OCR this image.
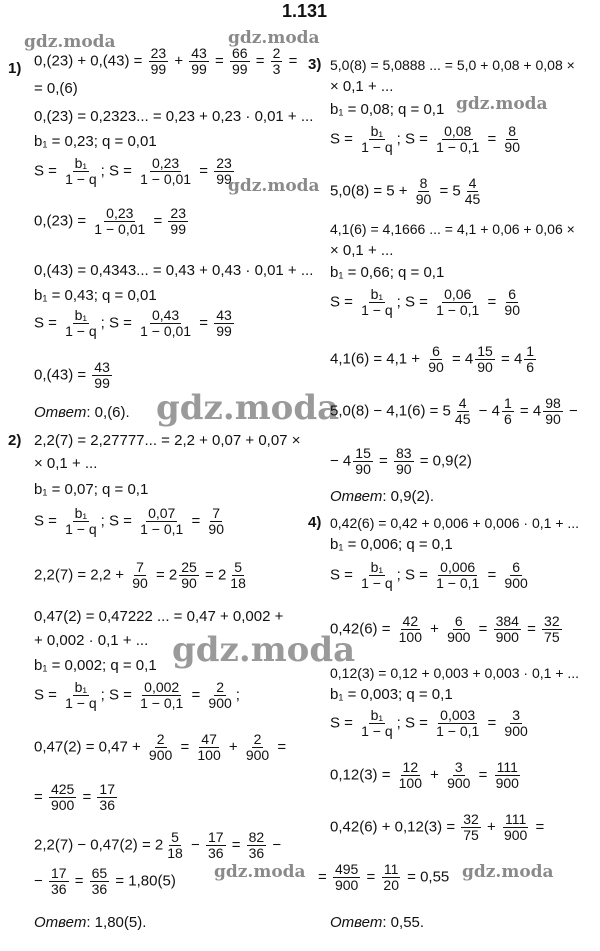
1.131
gdz.moda	gdz.moda
gdz.moda
gdz.moda
gdz.moda
gdz.moda
gdz.moda	gdz.moda
1) $0,(23) + 0,(43) = \frac{23}{99} + \frac{43}{99} = \frac{66}{99} = \frac{2}{3}$ =
= 0,(6)
0,(23) = 0,2323... = 0,23 + 0,23 · 0,01 + ...
b₁ = 0,23; q = 0,01
$S = \frac{\text{b₁}}{1 - q}$ ; $S = \frac{0,23}{1 - 0,01} = \frac{23}{99}$
$0,(23) = \frac{0,23}{1 - 0,01} = \frac{23}{99}$
0,(43) = 0,4343... = 0,43 + 0,43 · 0,01 + ...
b₁ = 0,43; q = 0,01
$S = \frac{\text{b₁}}{1 - q}$ ; $S = \frac{0,43}{1 - 0,01} = \frac{43}{99}$
$0,(43) = \frac{43}{99}$
Ответ: 0,(6).
2) 2,2(7) = 2,27777... = 2,2 + 0,07 + 0,07 ×
× 0,1 + ...
b₁ = 0,07; q = 0,1
$S = \frac{\text{b₁}}{1 - q}$ ; $S = \frac{0,07}{1 - 0,1} = \frac{7}{90}$
$2,2(7) = 2,2 + \frac{7}{90} = 2 \frac{25}{90} = 2 \frac{5}{18}$
0,47(2) = 0,47222 ... = 0,47 + 0,002 +
+ 0,002 · 0,1 + ...
b₁ = 0,002; q = 0,1
$S = \frac{\text{b₁}}{1 - q}$ ; $S = \frac{0,002}{1 - 0,1} = \frac{2}{900}$ ;
$0,47(2) = 0,47 + \frac{2}{900} = \frac{47}{100} + \frac{2}{900}$ =
= $\frac{425}{900} = \frac{17}{36}$
$2,2(7) - 0,47(2) = 2 \frac{5}{18} - \frac{17}{36} = \frac{82}{36}$ −
− $\frac{17}{36} = \frac{65}{36} = 1,80(5)$
Ответ: 1,80(5).
3) 5,0(8) = 5,0888 ... = 5,0 + 0,08 + 0,08 ×
× 0,1 + ...
b₁ = 0,08; q = 0,1
$S = \frac{\text{b₁}}{1 - q}$ ; $S = \frac{0,08}{1 - 0,1} = \frac{8}{90}$
$5,0(8) = 5 + \frac{8}{90} = 5 \frac{4}{45}$
4,1(6) = 4,1666 ... = 4,1 + 0,06 + 0,06 ×
× 0,1 + ...
b₁ = 0,66; q = 0,1
$S = \frac{\text{b₁}}{1 - q}$ ; $S = \frac{0,06}{1 - 0,1} = \frac{6}{90}$
$4,1(6) = 4,1 + \frac{6}{90} = 4 \frac{15}{90} = 4 \frac{1}{6}$
$5,0(8) - 4,1(6) = 5 \frac{4}{45} - 4 \frac{1}{6} = 4 \frac{98}{90}$ −
− $4 \frac{15}{90} = \frac{83}{90} = 0,9(2)$
Ответ: 0,9(2).
4) 0,42(6) = 0,42 + 0,006 + 0,006 · 0,1 + ...
b₁ = 0,006; q = 0,1
$S = \frac{\text{b₁}}{1 - q}$ ; $S = \frac{0,006}{1 - 0,1} = \frac{6}{900}$
$0,42(6) = \frac{42}{100} + \frac{6}{900} = \frac{384}{900} = \frac{32}{75}$
0,12(3) = 0,12 + 0,003 + 0,003 · 0,1 + ...
b₁ = 0,003; q = 0,1
$S = \frac{\text{b₁}}{1 - q}$ ; $S = \frac{0,003}{1 - 0,1} = \frac{3}{900}$
$0,12(3) = \frac{12}{100} + \frac{3}{900} = \frac{111}{900}$
$0,42(6) + 0,12(3) = \frac{32}{75} + \frac{111}{900}$ =
= $\frac{495}{900} = \frac{11}{20} = 0,55$
Ответ: 0,55.
